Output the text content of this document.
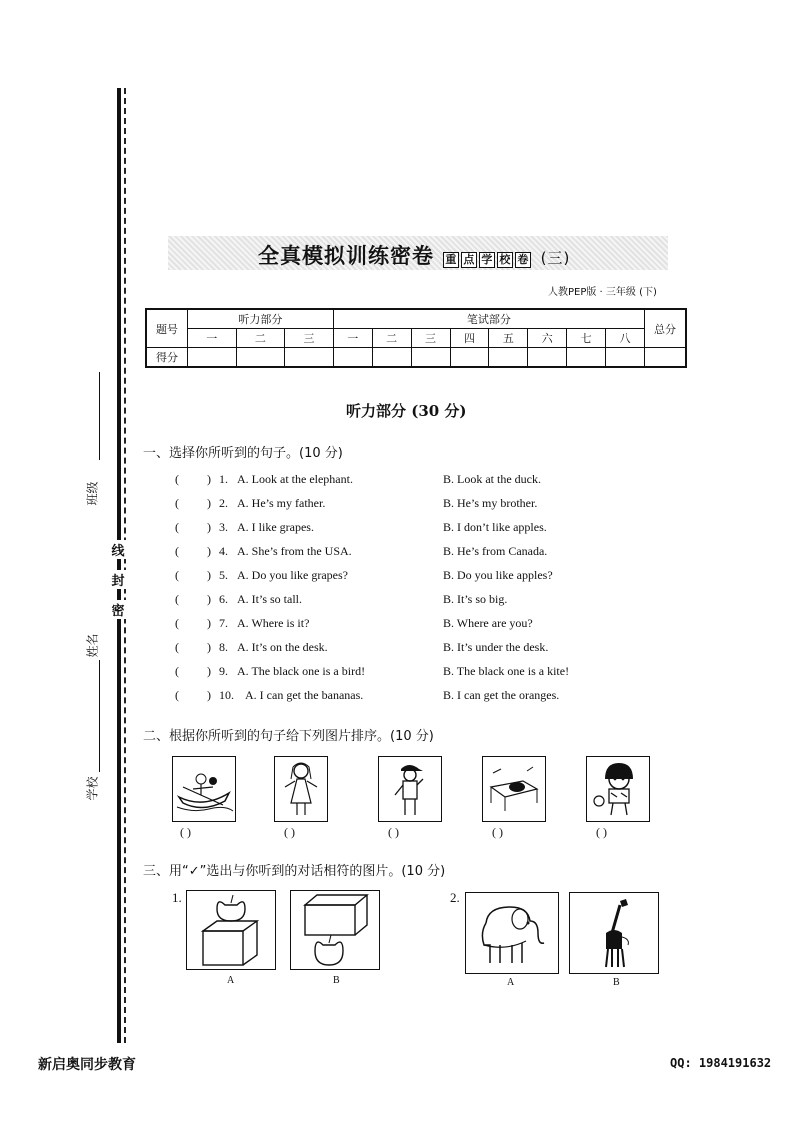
线
封
密
班级
姓名
学校
全真模拟训练密卷 重 点 学 校 卷 (三)
人教PEP版 · 三年级 (下)
题号	听力部分			笔试部分								总分
	一	二	三	一	二	三	四	五	六	七	八	
得分												
听力部分 (30 分)
一、选择你所听到的句子。(10 分)
( ) 1. A. Look at the elephant.	B. Look at the duck.
( ) 2. A. He’s my father.	B. He’s my brother.
( ) 3. A. I like grapes.	B. I don’t like apples.
( ) 4. A. She’s from the USA.	B. He’s from Canada.
( ) 5. A. Do you like grapes?	B. Do you like apples?
( ) 6. A. It’s so tall.	B. It’s so big.
( ) 7. A. Where is it?	B. Where are you?
( ) 8. A. It’s on the desk.	B. It’s under the desk.
( ) 9. A. The black one is a bird!	B. The black one is a kite!
( ) 10. A. I can get the bananas.	B. I can get the oranges.
二、根据你所听到的句子给下列图片排序。(10 分)
( )	( )	( )	( )	( )
三、用“✓”选出与你听到的对话相符的图片。(10 分)
1.	2.
A	B	A	B
新启奥同步教育	QQ: 1984191632
